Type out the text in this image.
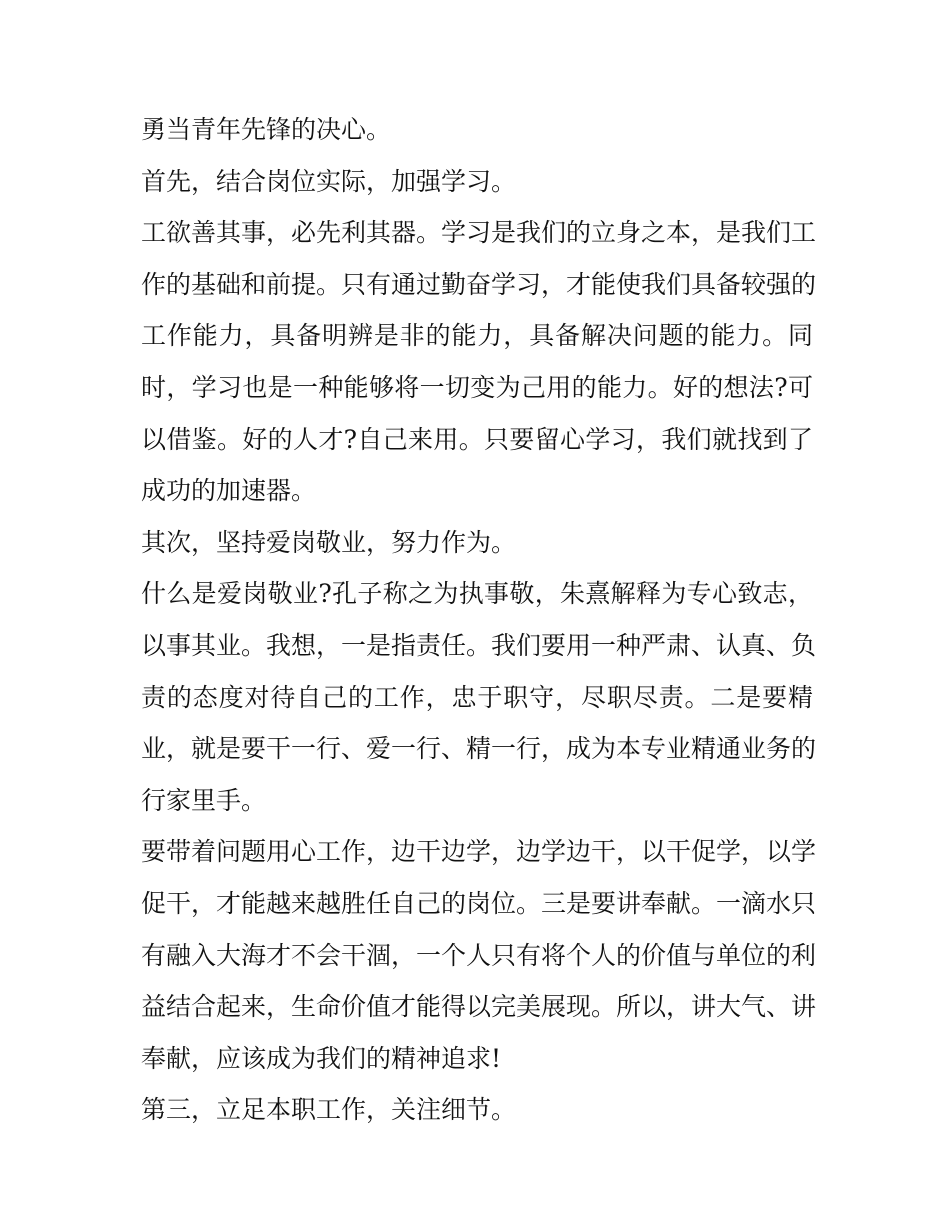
勇当青年先锋的决心。
首先，结合岗位实际，加强学习。
工欲善其事，必先利其器。学习是我们的立身之本，是我们工
作的基础和前提。只有通过勤奋学习，才能使我们具备较强的
工作能力，具备明辨是非的能力，具备解决问题的能力。同
时，学习也是一种能够将一切变为己用的能力。好的想法?可
以借鉴。好的人才?自己来用。只要留心学习，我们就找到了
成功的加速器。
其次，坚持爱岗敬业，努力作为。
什么是爱岗敬业?孔子称之为执事敬，朱熹解释为专心致志，
以事其业。我想，一是指责任。我们要用一种严肃、认真、负
责的态度对待自己的工作，忠于职守，尽职尽责。二是要精
业，就是要干一行、爱一行、精一行，成为本专业精通业务的
行家里手。
要带着问题用心工作，边干边学，边学边干，以干促学，以学
促干，才能越来越胜任自己的岗位。三是要讲奉献。一滴水只
有融入大海才不会干涸，一个人只有将个人的价值与单位的利
益结合起来，生命价值才能得以完美展现。所以，讲大气、讲
奉献，应该成为我们的精神追求!
第三，立足本职工作，关注细节。
